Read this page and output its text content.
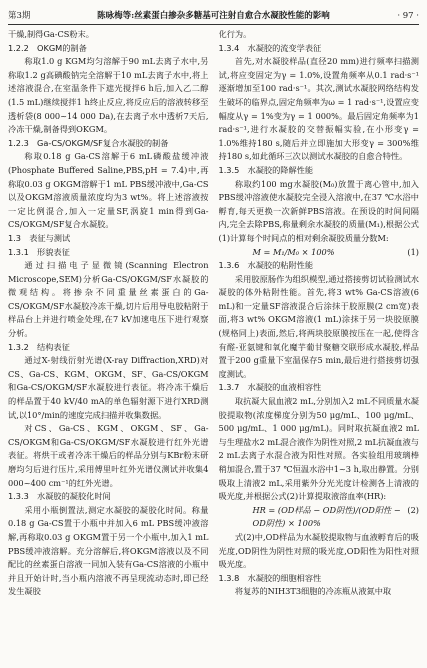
第3期	陈咏梅等:丝素蛋白掺杂多糖基可注射自愈合水凝胶性能的影响	· 97 ·

干燥,制得Ga-CS粉末。

1.2.2　OKGM的制备

称取1.0 g KGM均匀溶解于90 mL去离子水中,另称取1.2 g高碘酸钠完全溶解于10 mL去离子水中,将上述溶液混合,在室温条件下遮光搅拌6 h后,加入乙二醇(1.5 mL)继续搅拌1 h终止反应,将反应后的溶液转移至透析袋(8 000~14 000 Da),在去离子水中透析7天后,冷冻干燥,制备得到OKGM。

1.2.3　Ga-CS/OKGM/SF复合水凝胶的制备

称取0.18 g Ga-CS溶解于6 mL磷酸盐缓冲液(Phosphate Buffered Saline,PBS,pH = 7.4)中,再称取0.03 g OKGM溶解于1 mL PBS缓冲液中,Ga-CS以及OKGM溶液质量浓度均为3 wt%。将上述溶液按一定比例混合,加入一定量SF,涡旋1 min得到Ga-CS/OKGM/SF复合水凝胶。

1.3　表征与测试

1.3.1　形貌表征

通过扫描电子显微镜(Scanning Electron Microscope,SEM)分析Ga-CS/OKGM/SF水凝胶的微观结构。将掺杂不同重量丝素蛋白的Ga-CS/OKGM/SF水凝胶冷冻干燥,切片后用导电胶粘附于样品台上并进行喷金处理,在7 kV加速电压下进行观察分析。

1.3.2　结构表征

通过X-射线衍射光谱(X-ray Diffraction,XRD)对CS、Ga-CS、KGM、OKGM、SF、Ga-CS/OKGM和Ga-CS/OKGM/SF水凝胶进行表征。将冷冻干燥后的样品置于40 kV/40 mA的单色辐射源下进行XRD测试,以10°/min的速度完成扫描并收集数据。

对CS、Ga-CS、KGM、OKGM、SF、Ga-CS/OKGM和Ga-CS/OKGM/SF水凝胶进行红外光谱表征。将烘干或者冷冻干燥后的样品分别与KBr粉末研磨均匀后进行压片,采用傅里叶红外光谱仪测试并收集4 000~400 cm⁻¹的红外光谱。

1.3.3　水凝胶的凝胶化时间

采用小瓶倒置法,测定水凝胶的凝胶化时间。称量0.18 g Ga-CS置于小瓶中并加入6 mL PBS缓冲液溶解,再称取0.03 g OKGM置于另一个小瓶中,加入1 mL PBS缓冲液溶解。充分溶解后,将OKGM溶液以及不同配比的丝素蛋白溶液一同加入装有Ga-CS溶液的小瓶中并且开始计时,当小瓶内溶液不再呈现流动态时,即已经发生凝胶

化行为。

1.3.4　水凝胶的流变学表征

首先,对水凝胶样品(直径20 mm)进行频率扫描测试,将应变固定为γ = 1.0%,设置角频率从0.1 rad·s⁻¹逐渐增加至100 rad·s⁻¹。其次,测试水凝胶网络结构发生破坏的临界点,固定角频率为ω = 1 rad·s⁻¹,设置应变幅度从γ = 1%变为γ = 1 000%。最后固定角频率为1 rad·s⁻¹,进行水凝胶的交替振幅实验,在小形变γ = 1.0%维持180 s,随后并立即施加大形变γ = 300%维持180 s,如此循环三次以测试水凝胶的自愈合特性。

1.3.5　水凝胶的降解性能

称取约100 mg水凝胶(M₀)放置于离心管中,加入PBS缓冲溶液使水凝胶完全浸入溶液中,在37 ℃水浴中孵育,每天更换一次新鲜PBS溶液。在预设的时间间隔内,完全去除PBS,称量剩余水凝胶的质量(M₁),根据公式(1)计算每个时间点的相对剩余凝胶质量分数M:

M = M₁/M₀ × 100%	(1)

1.3.6　水凝胶的粘附性能

采用胶原肠作为组织模型,通过搭接剪切试验测试水凝胶的体外粘附性能。首先,将3 wt% Ga-CS溶液(6 mL)和一定量SF溶液混合后涂抹于胶原膜(2 cm宽)表面,将3 wt% OKGM溶液(1 mL)涂抹于另一块胶原膜(规格同上)表面,然后,将两块胶原膜按压在一起,使得含有醛-亚氨键和氧化魔芋葡甘聚糖交联形成水凝胶,样品置于200 g重量下室温保存5 min,最后进行搭接剪切强度测试。

1.3.7　水凝胶的血液相容性

取抗凝大鼠血液2 mL,分别加入2 mL不同质量水凝胶提取物(浓度梯度分别为50 μg/mL、100 μg/mL、500 μg/mL、1 000 μg/mL)。同时取抗凝血液2 mL与生理盐水2 mL混合液作为阴性对照,2 mL抗凝血液与2 mL去离子水混合液为阳性对照。各实验组用玻璃棒稍加混合,置于37 ℃恒温水浴中1~3 h,取出静置。分别吸取上清液2 mL,采用紫外分光光度计检测各上清液的吸光度,并根据公式(2)计算提取液溶血率(HR):

HR = (OD样品 − OD阴性)/(OD阳性 − OD阴性) × 100%
(2)

式(2)中,OD样品为水凝胶提取物与血液孵育后的吸光度,OD阴性为阴性对照的吸光度,OD阳性为阳性对照吸光度。

1.3.8　水凝胶的细胞相容性

将复苏的NIH3T3细胞的冷冻瓶从液氮中取
